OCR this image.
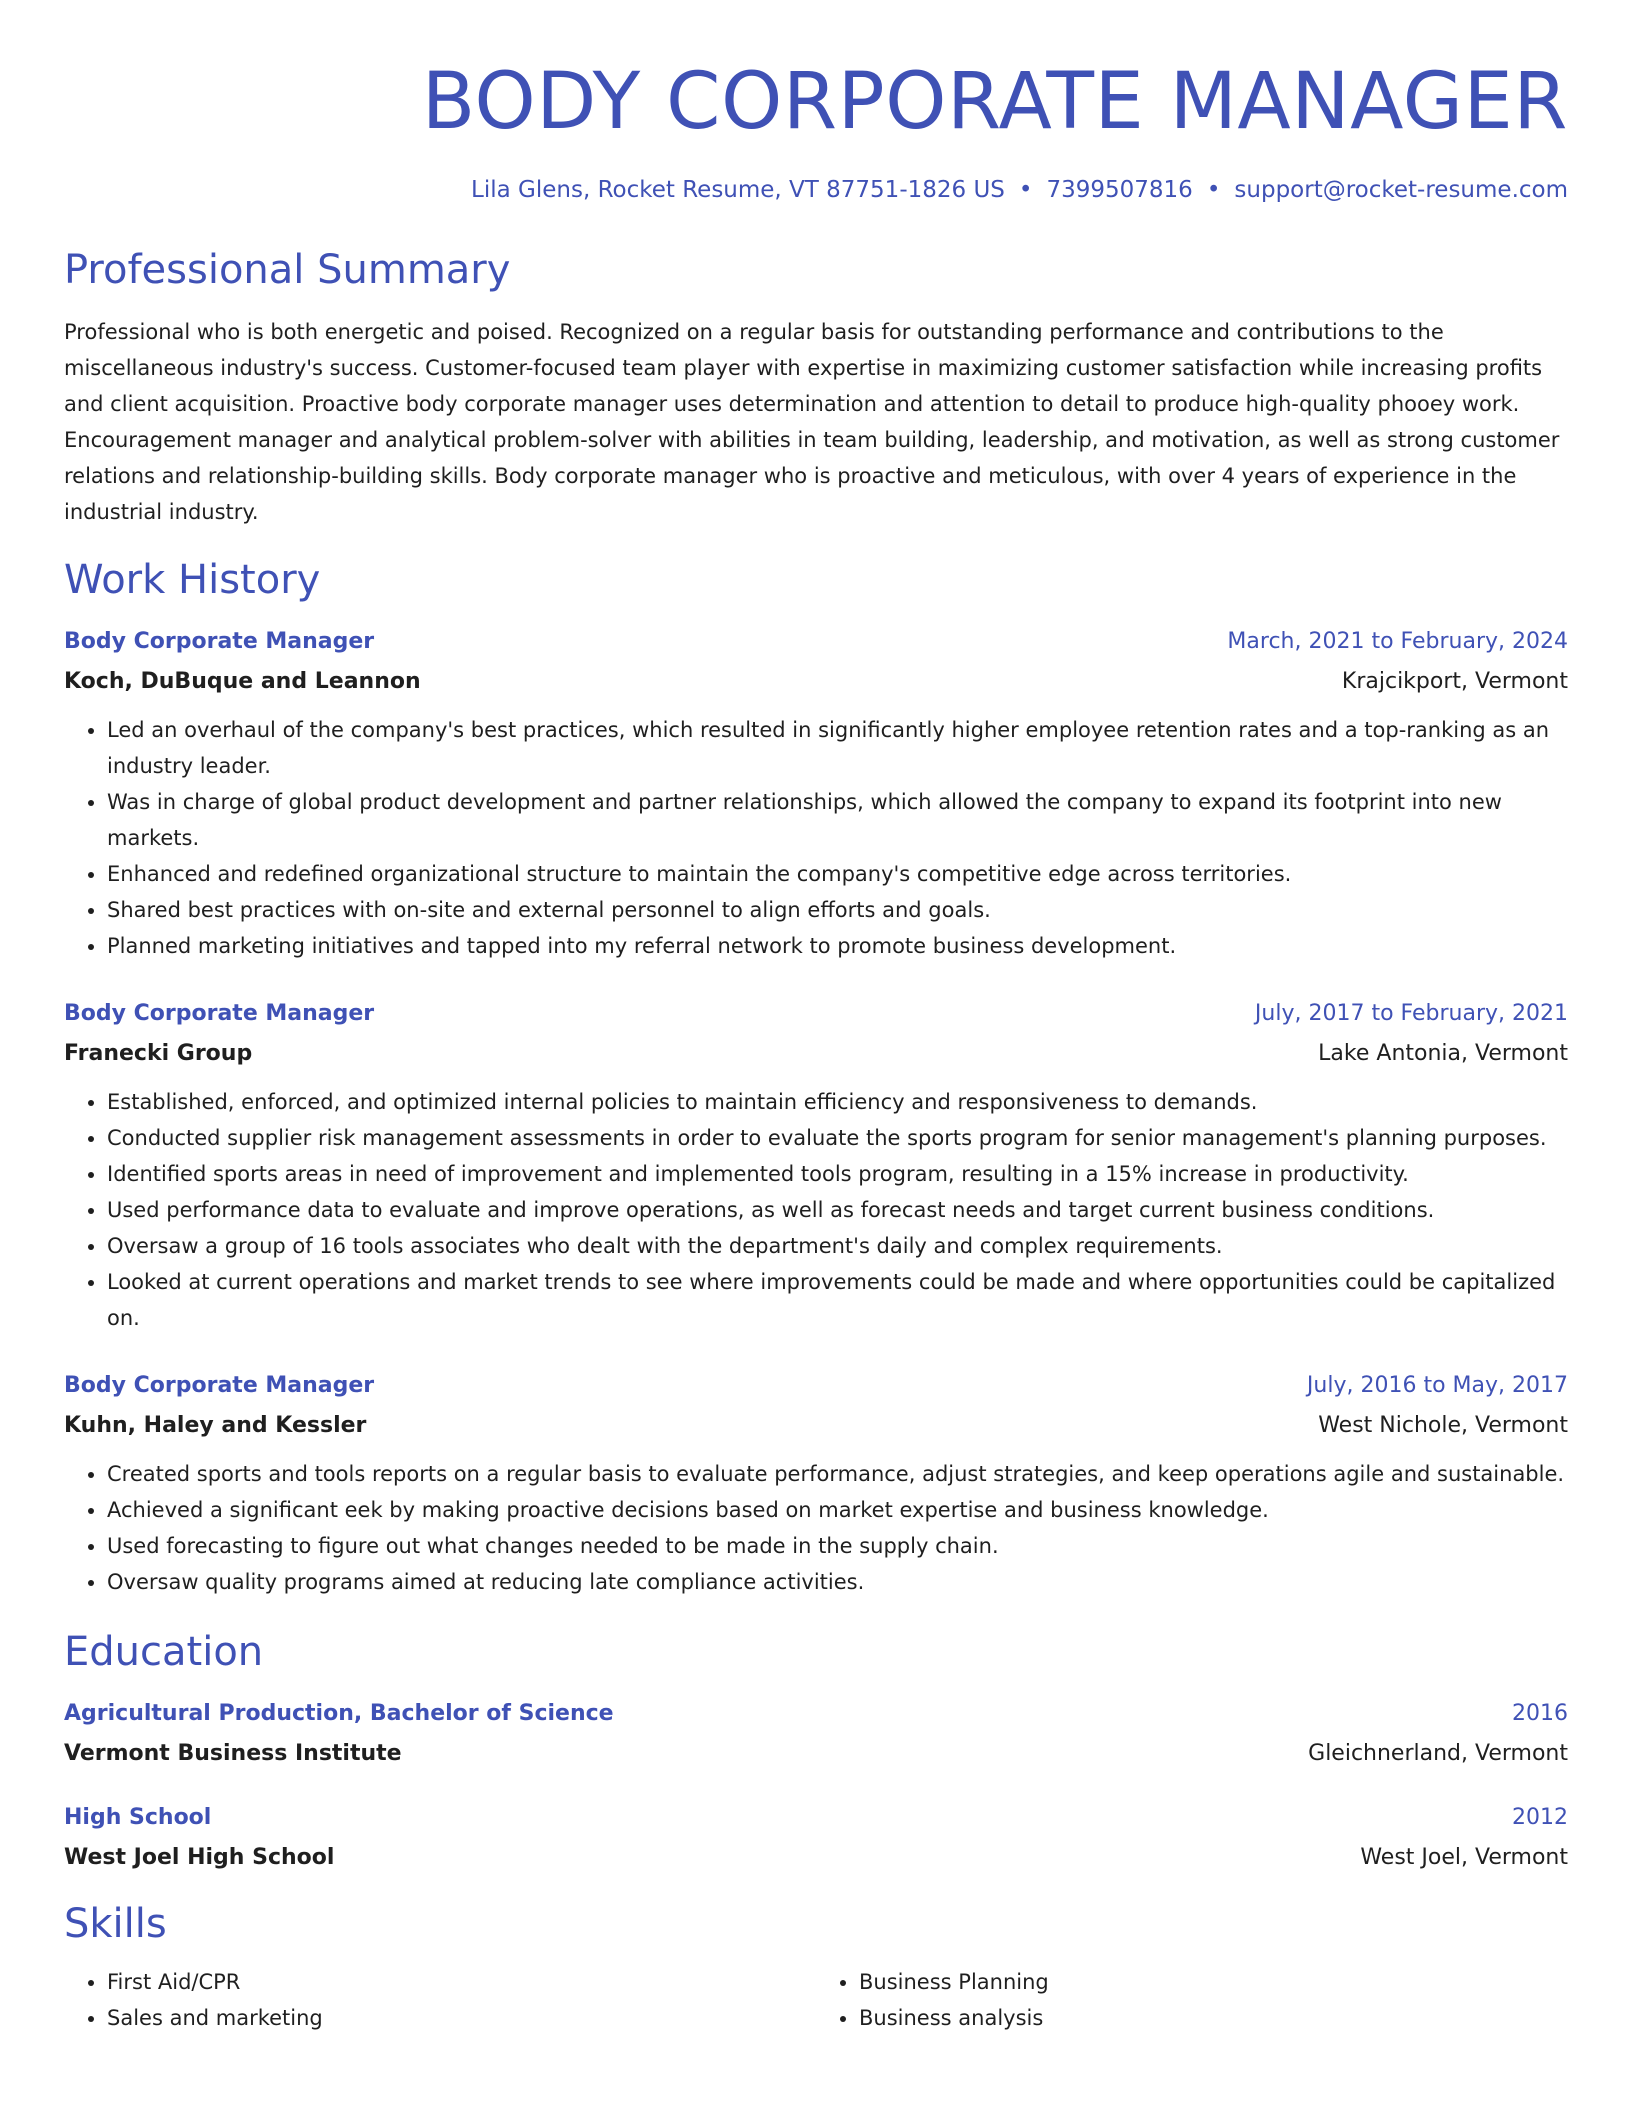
BODY CORPORATE MANAGER
Lila Glens, Rocket Resume, VT 87751-1826 US • 7399507816 • support@rocket-resume.com
Professional Summary
Professional who is both energetic and poised. Recognized on a regular basis for outstanding performance and contributions to the miscellaneous industry's success. Customer-focused team player with expertise in maximizing customer satisfaction while increasing profits and client acquisition. Proactive body corporate manager uses determination and attention to detail to produce high-quality phooey work. Encouragement manager and analytical problem-solver with abilities in team building, leadership, and motivation, as well as strong customer relations and relationship-building skills. Body corporate manager who is proactive and meticulous, with over 4 years of experience in the industrial industry.
Work History
Body Corporate Manager	March, 2021 to February, 2024
Koch, DuBuque and Leannon	Krajcikport, Vermont
• Led an overhaul of the company's best practices, which resulted in significantly higher employee retention rates and a top-ranking as an industry leader.
• Was in charge of global product development and partner relationships, which allowed the company to expand its footprint into new markets.
• Enhanced and redefined organizational structure to maintain the company's competitive edge across territories.
• Shared best practices with on-site and external personnel to align efforts and goals.
• Planned marketing initiatives and tapped into my referral network to promote business development.
Body Corporate Manager	July, 2017 to February, 2021
Franecki Group	Lake Antonia, Vermont
• Established, enforced, and optimized internal policies to maintain efficiency and responsiveness to demands.
• Conducted supplier risk management assessments in order to evaluate the sports program for senior management's planning purposes.
• Identified sports areas in need of improvement and implemented tools program, resulting in a 15% increase in productivity.
• Used performance data to evaluate and improve operations, as well as forecast needs and target current business conditions.
• Oversaw a group of 16 tools associates who dealt with the department's daily and complex requirements.
• Looked at current operations and market trends to see where improvements could be made and where opportunities could be capitalized on.
Body Corporate Manager	July, 2016 to May, 2017
Kuhn, Haley and Kessler	West Nichole, Vermont
• Created sports and tools reports on a regular basis to evaluate performance, adjust strategies, and keep operations agile and sustainable.
• Achieved a significant eek by making proactive decisions based on market expertise and business knowledge.
• Used forecasting to figure out what changes needed to be made in the supply chain.
• Oversaw quality programs aimed at reducing late compliance activities.
Education
Agricultural Production, Bachelor of Science	2016
Vermont Business Institute	Gleichnerland, Vermont
High School	2012
West Joel High School	West Joel, Vermont
Skills
• First Aid/CPR
• Sales and marketing
• Business Planning
• Business analysis
